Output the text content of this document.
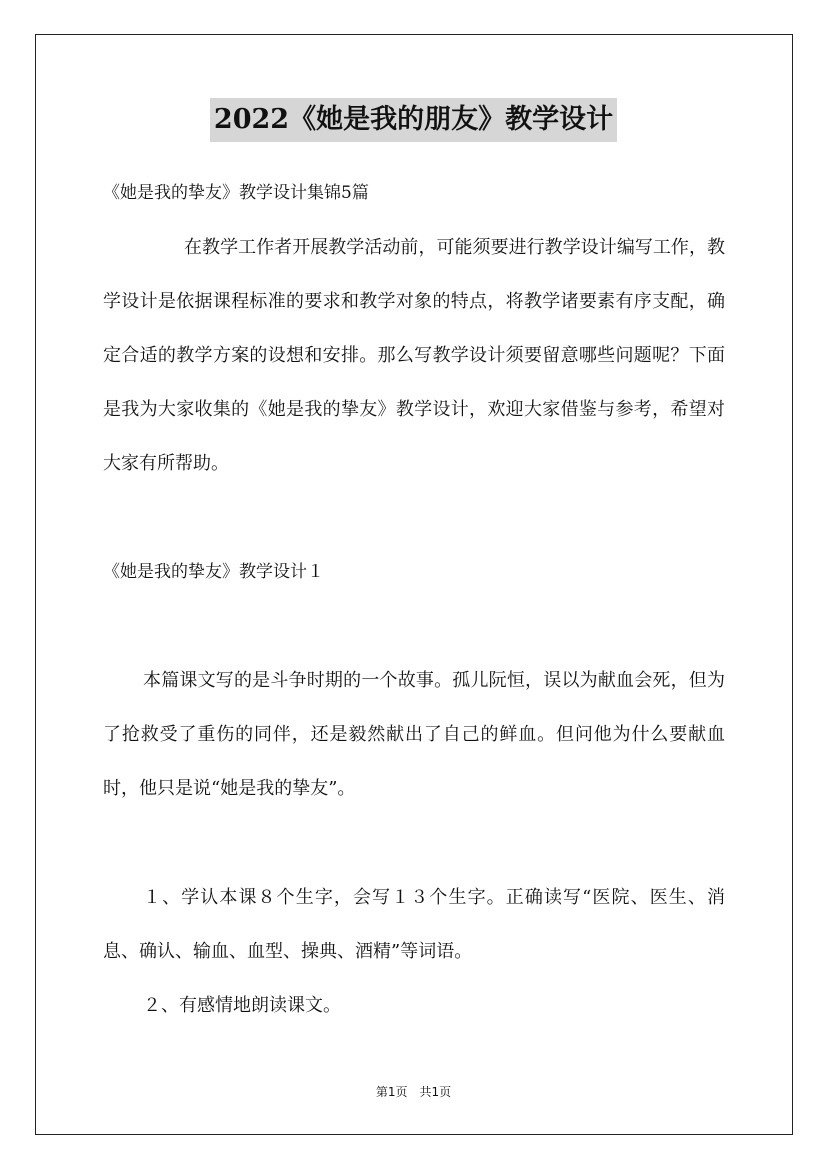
2022《她是我的朋友》教学设计
《她是我的挚友》教学设计集锦5篇

在教学工作者开展教学活动前，可能须要进行教学设计编写工作，教学设计是依据课程标准的要求和教学对象的特点，将教学诸要素有序支配，确定合适的教学方案的设想和安排。那么写教学设计须要留意哪些问题呢？下面是我为大家收集的《她是我的挚友》教学设计，欢迎大家借鉴与参考，希望对大家有所帮助。

《她是我的挚友》教学设计１

本篇课文写的是斗争时期的一个故事。孤儿阮恒，误以为献血会死，但为了抢救受了重伤的同伴，还是毅然献出了自己的鲜血。但问他为什么要献血时，他只是说“她是我的挚友”。

１、学认本课８个生字，会写１３个生字。正确读写“医院、医生、消息、确认、输血、血型、操典、酒精”等词语。

２、有感情地朗读课文。

第1页　共1页
